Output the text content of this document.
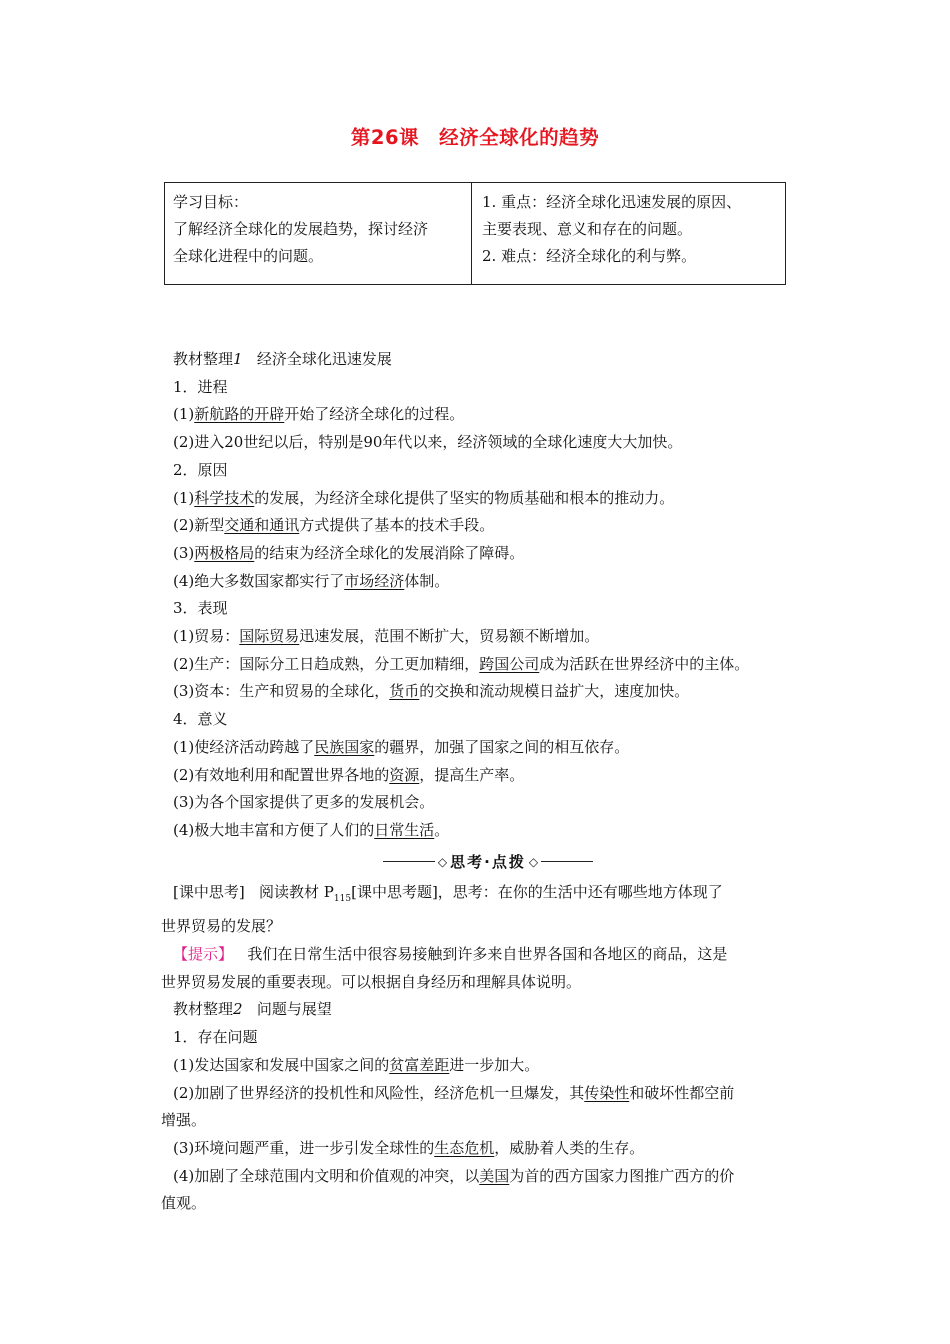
第26课 经济全球化的趋势
学习目标：
了解经济全球化的发展趋势，探讨经济
全球化进程中的问题。
1. 重点：经济全球化迅速发展的原因、
主要表现、意义和存在的问题。
2. 难点：经济全球化的利与弊。
教材整理1 经济全球化迅速发展
1．进程
(1)新航路的开辟开始了经济全球化的过程。
(2)进入20世纪以后，特别是90年代以来，经济领域的全球化速度大大加快。
2．原因
(1)科学技术的发展，为经济全球化提供了坚实的物质基础和根本的推动力。
(2)新型交通和通讯方式提供了基本的技术手段。
(3)两极格局的结束为经济全球化的发展消除了障碍。
(4)绝大多数国家都实行了市场经济体制。
3．表现
(1)贸易：国际贸易迅速发展，范围不断扩大，贸易额不断增加。
(2)生产：国际分工日趋成熟，分工更加精细，跨国公司成为活跃在世界经济中的主体。
(3)资本：生产和贸易的全球化，货币的交换和流动规模日益扩大，速度加快。
4．意义
(1)使经济活动跨越了民族国家的疆界，加强了国家之间的相互依存。
(2)有效地利用和配置世界各地的资源，提高生产率。
(3)为各个国家提供了更多的发展机会。
(4)极大地丰富和方便了人们的日常生活。
◇ 思考·点拨 ◇
[课中思考] 阅读教材 $P_{115}$[课中思考题]，思考：在你的生活中还有哪些地方体现了
世界贸易的发展？
【提示】 我们在日常生活中很容易接触到许多来自世界各国和各地区的商品，这是
世界贸易发展的重要表现。可以根据自身经历和理解具体说明。
教材整理2 问题与展望
1．存在问题
(1)发达国家和发展中国家之间的贫富差距进一步加大。
(2)加剧了世界经济的投机性和风险性，经济危机一旦爆发，其传染性和破坏性都空前
增强。
(3)环境问题严重，进一步引发全球性的生态危机，威胁着人类的生存。
(4)加剧了全球范围内文明和价值观的冲突，以美国为首的西方国家力图推广西方的价
值观。
